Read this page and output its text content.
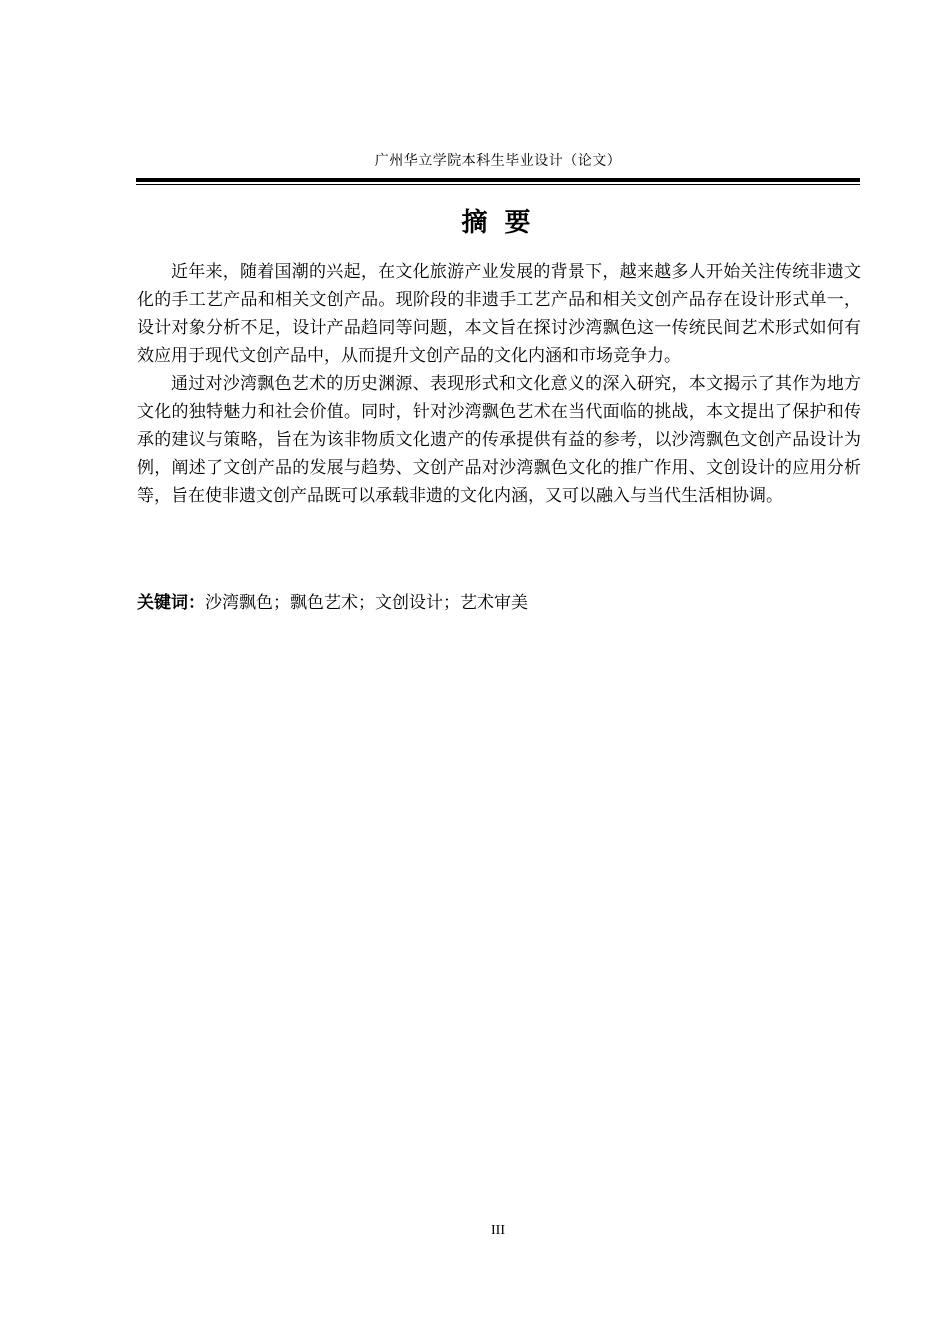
广州华立学院本科生毕业设计（论文）
摘 要

近年来，随着国潮的兴起，在文化旅游产业发展的背景下，越来越多人开始关注传统非遗文化的手工艺产品和相关文创产品。现阶段的非遗手工艺产品和相关文创产品存在设计形式单一，设计对象分析不足，设计产品趋同等问题，本文旨在探讨沙湾飘色这一传统民间艺术形式如何有效应用于现代文创产品中，从而提升文创产品的文化内涵和市场竞争力。

通过对沙湾飘色艺术的历史渊源、表现形式和文化意义的深入研究，本文揭示了其作为地方文化的独特魅力和社会价值。同时，针对沙湾飘色艺术在当代面临的挑战，本文提出了保护和传承的建议与策略，旨在为该非物质文化遗产的传承提供有益的参考，以沙湾飘色文创产品设计为例，阐述了文创产品的发展与趋势、文创产品对沙湾飘色文化的推广作用、文创设计的应用分析等，旨在使非遗文创产品既可以承载非遗的文化内涵，又可以融入与当代生活相协调。

关键词：沙湾飘色；飘色艺术；文创设计；艺术审美
III
